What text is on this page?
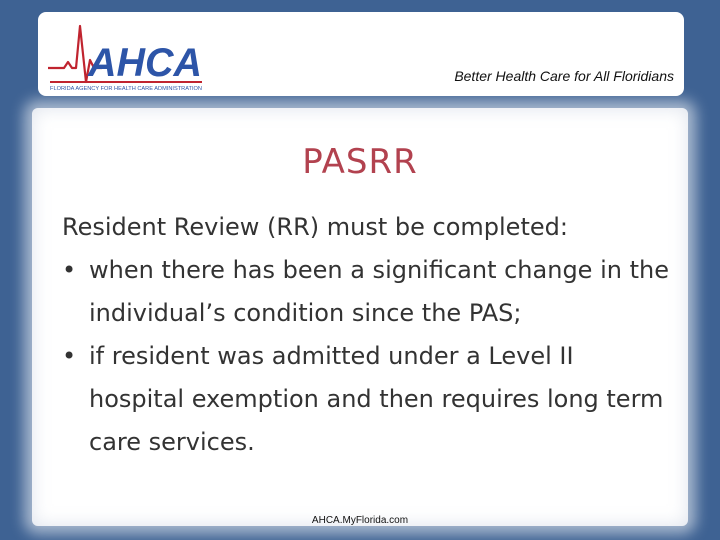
AHCA
FLORIDA AGENCY FOR HEALTH CARE ADMINISTRATION
Better Health Care for All Floridians
PASRR
Resident Review (RR) must be completed:
• when there has been a significant change in the individual’s condition since the PAS;
• if resident was admitted under a Level II hospital exemption and then requires long term care services.
AHCA.MyFlorida.com
